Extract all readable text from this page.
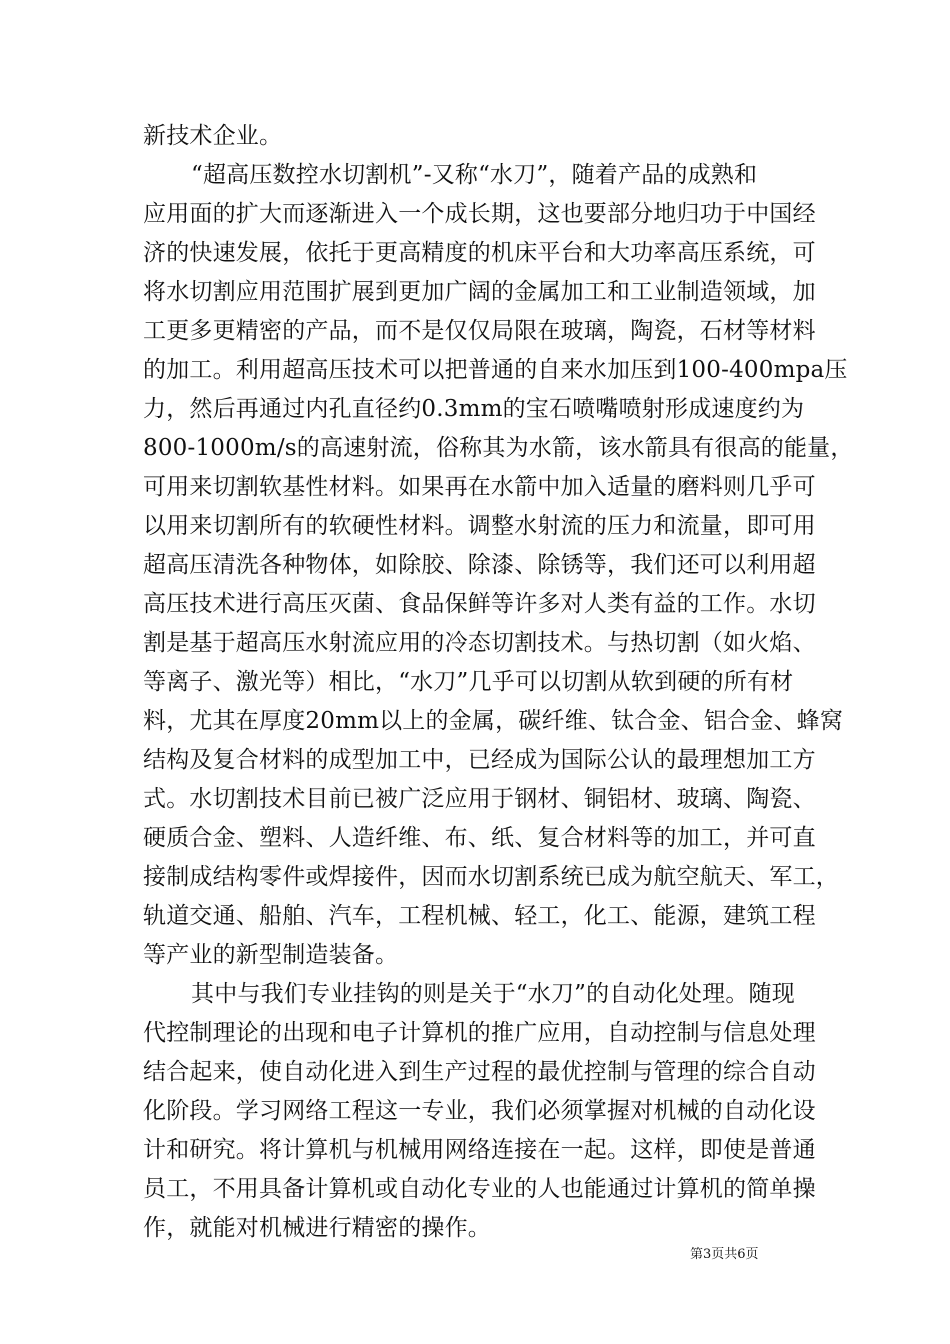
新技术企业。
“超高压数控水切割机”-又称“水刀”，随着产品的成熟和
应用面的扩大而逐渐进入一个成长期，这也要部分地归功于中国经
济的快速发展，依托于更高精度的机床平台和大功率高压系统，可
将水切割应用范围扩展到更加广阔的金属加工和工业制造领域，加
工更多更精密的产品，而不是仅仅局限在玻璃，陶瓷，石材等材料
的加工。利用超高压技术可以把普通的自来水加压到100-400mpa压
力，然后再通过内孔直径约0.3mm的宝石喷嘴喷射形成速度约为
800-1000m/s的高速射流，俗称其为水箭，该水箭具有很高的能量，
可用来切割软基性材料。如果再在水箭中加入适量的磨料则几乎可
以用来切割所有的软硬性材料。调整水射流的压力和流量，即可用
超高压清洗各种物体，如除胶、除漆、除锈等，我们还可以利用超
高压技术进行高压灭菌、食品保鲜等许多对人类有益的工作。水切
割是基于超高压水射流应用的冷态切割技术。与热切割（如火焰、
等离子、激光等）相比，“水刀”几乎可以切割从软到硬的所有材
料，尤其在厚度20mm以上的金属，碳纤维、钛合金、铝合金、蜂窝
结构及复合材料的成型加工中，已经成为国际公认的最理想加工方
式。水切割技术目前已被广泛应用于钢材、铜铝材、玻璃、陶瓷、
硬质合金、塑料、人造纤维、布、纸、复合材料等的加工，并可直
接制成结构零件或焊接件，因而水切割系统已成为航空航天、军工，
轨道交通、船舶、汽车，工程机械、轻工，化工、能源，建筑工程
等产业的新型制造装备。
其中与我们专业挂钩的则是关于“水刀”的自动化处理。随现
代控制理论的出现和电子计算机的推广应用，自动控制与信息处理
结合起来，使自动化进入到生产过程的最优控制与管理的综合自动
化阶段。学习网络工程这一专业，我们必须掌握对机械的自动化设
计和研究。将计算机与机械用网络连接在一起。这样，即使是普通
员工，不用具备计算机或自动化专业的人也能通过计算机的简单操
作，就能对机械进行精密的操作。
第3页共6页
